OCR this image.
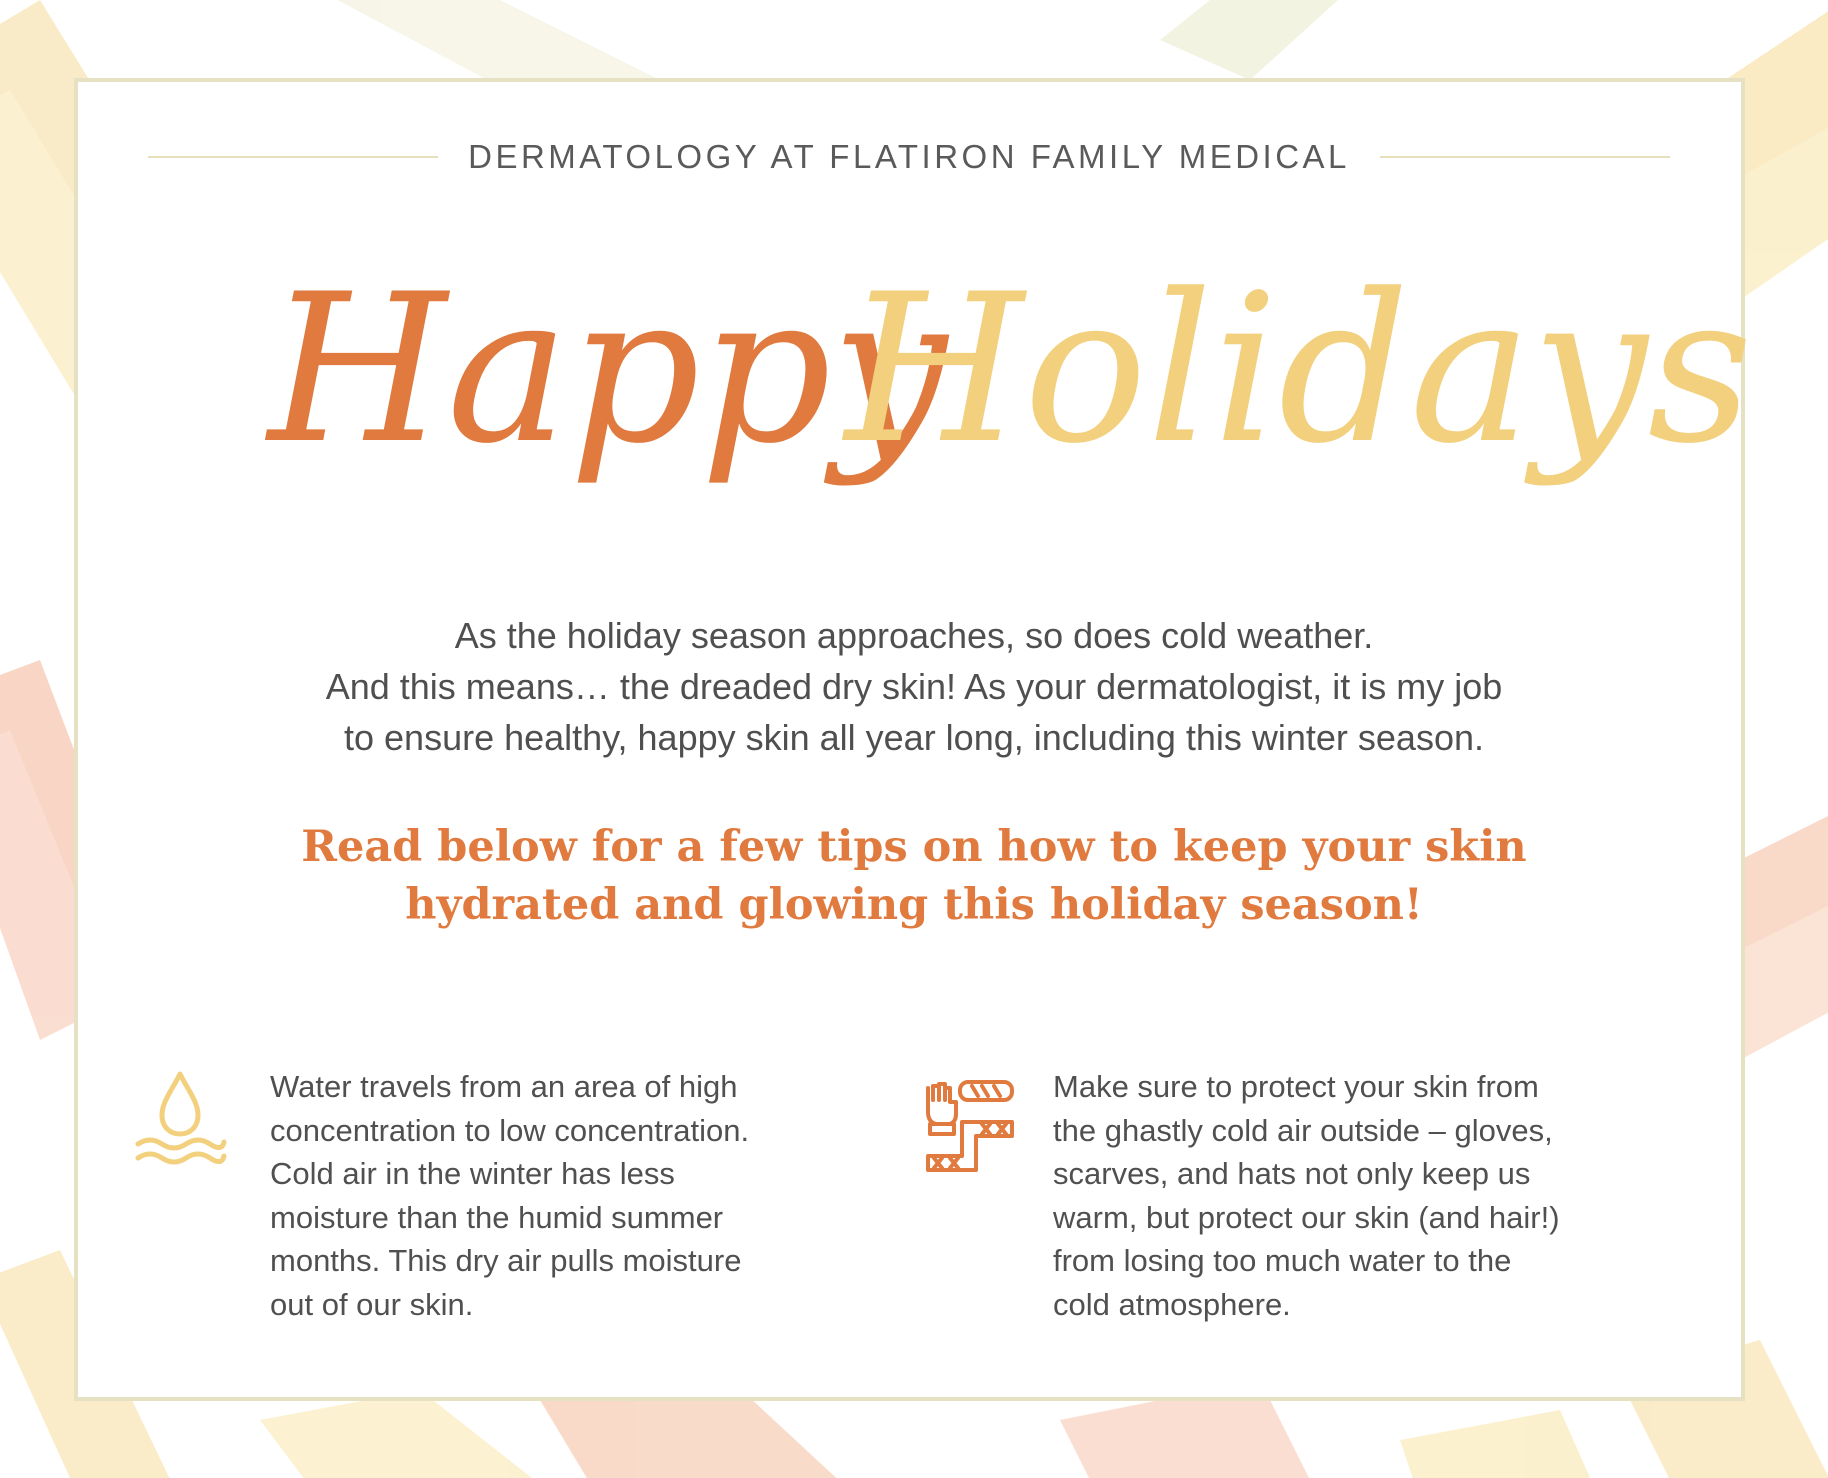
DERMATOLOGY AT FLATIRON FAMILY MEDICAL
Happy
Holidays
As the holiday season approaches, so does cold weather.
And this means… the dreaded dry skin! As your dermatologist, it is my job
to ensure healthy, happy skin all year long, including this winter season.
Read below for a few tips on how to keep your skin
hydrated and glowing this holiday season!
Water travels from an area of high
concentration to low concentration.
Cold air in the winter has less
moisture than the humid summer
months. This dry air pulls moisture
out of our skin.
Make sure to protect your skin from
the ghastly cold air outside – gloves,
scarves, and hats not only keep us
warm, but protect our skin (and hair!)
from losing too much water to the
cold atmosphere.
